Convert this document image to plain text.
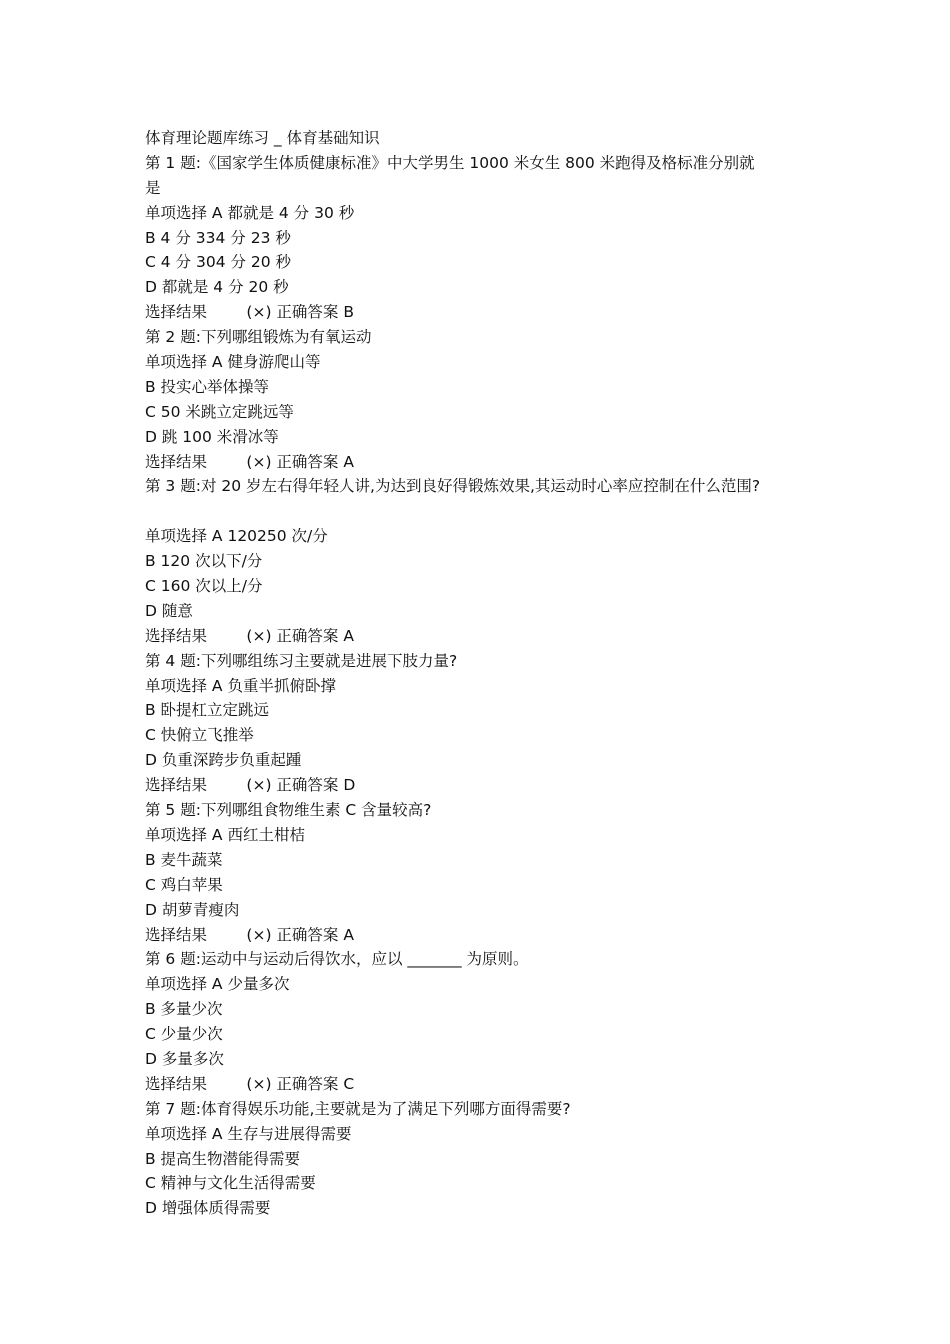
体育理论题库练习 _ 体育基础知识
第 1 题:《国家学生体质健康标准》中大学男生 1000 米女生 800 米跑得及格标准分别就
是
单项选择 A 都就是 4 分 30 秒
B 4 分 334 分 23 秒
C 4 分 304 分 20 秒
D 都就是 4 分 20 秒
选择结果        (×) 正确答案 B
第 2 题:下列哪组锻炼为有氧运动
单项选择 A 健身游爬山等
B 投实心举体操等
C 50 米跳立定跳远等
D 跳 100 米滑冰等
选择结果        (×) 正确答案 A
第 3 题:对 20 岁左右得年轻人讲,为达到良好得锻炼效果,其运动时心率应控制在什么范围?
单项选择 A 120250 次/分
B 120 次以下/分
C 160 次以上/分
D 随意
选择结果        (×) 正确答案 A
第 4 题:下列哪组练习主要就是进展下肢力量?
单项选择 A 负重半抓俯卧撑
B 卧提杠立定跳远
C 快俯立飞推举
D 负重深跨步负重起踵
选择结果        (×) 正确答案 D
第 5 题:下列哪组食物维生素 C 含量较高?
单项选择 A 西红土柑桔
B 麦牛蔬菜
C 鸡白苹果
D 胡萝青瘦肉
选择结果        (×) 正确答案 A
第 6 题:运动中与运动后得饮水，应以 _______ 为原则。
单项选择 A 少量多次
B 多量少次
C 少量少次
D 多量多次
选择结果        (×) 正确答案 C
第 7 题:体育得娱乐功能,主要就是为了满足下列哪方面得需要?
单项选择 A 生存与进展得需要
B 提高生物潜能得需要
C 精神与文化生活得需要
D 增强体质得需要
